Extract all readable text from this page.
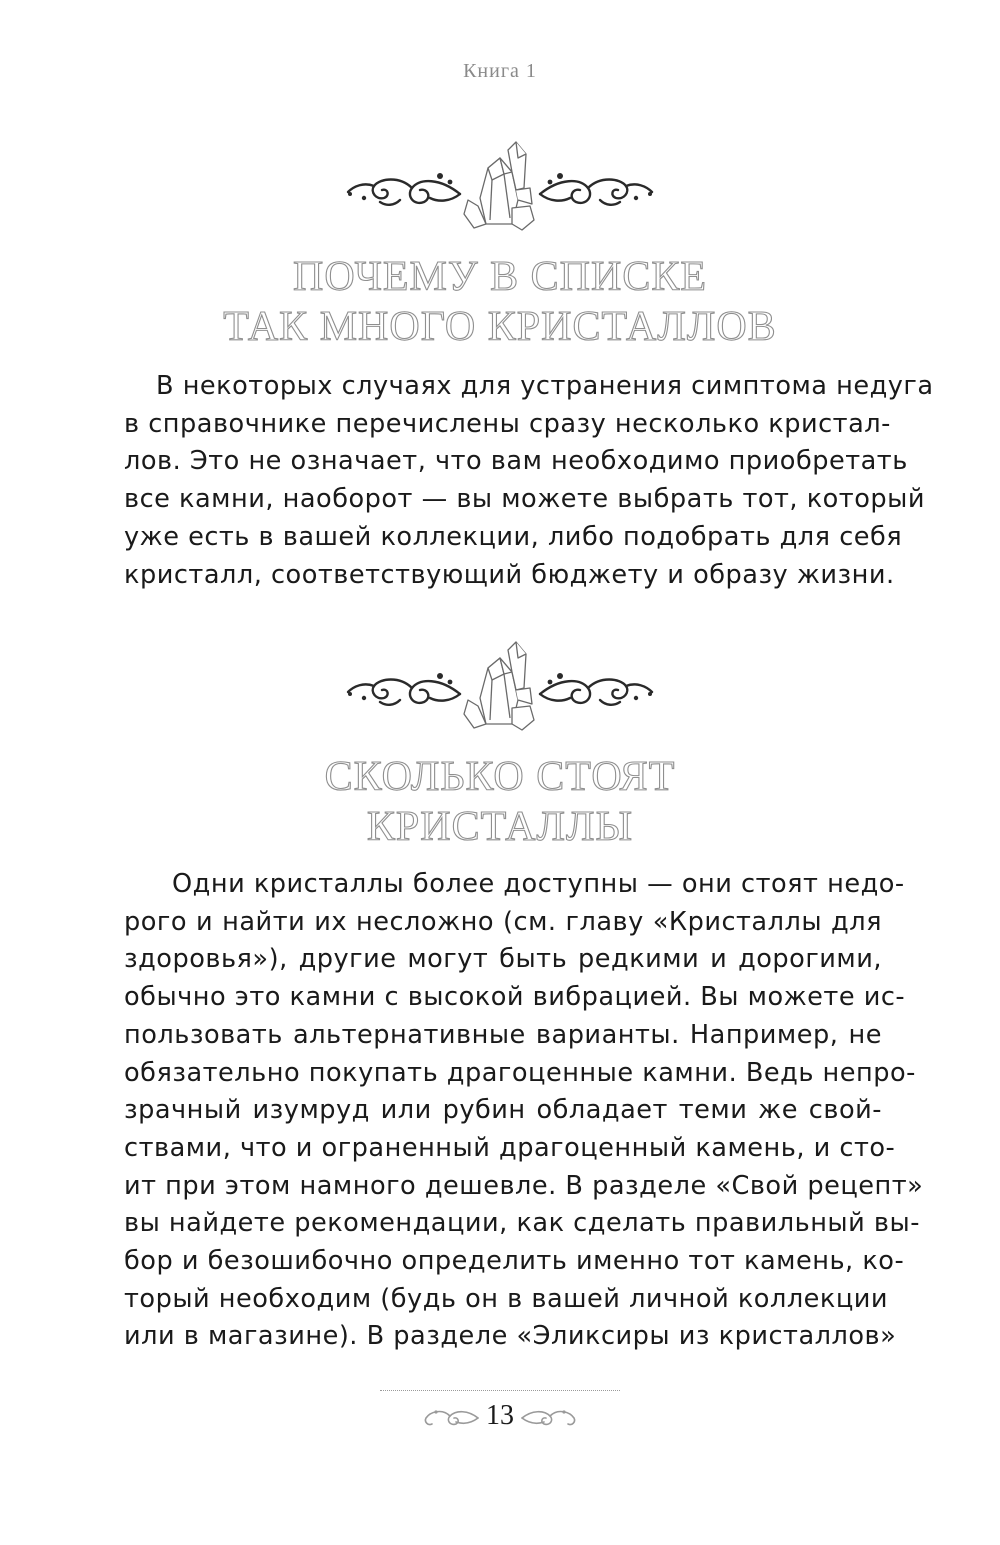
Книга 1
ПОЧЕМУ В СПИСКЕ
ТАК МНОГО КРИСТАЛЛОВ

В некоторых случаях для устранения симптома недуга
в справочнике перечислены сразу несколько кристал-
лов. Это не означает, что вам необходимо приобретать
все камни, наоборот — вы можете выбрать тот, который
уже есть в вашей коллекции, либо подобрать для себя
кристалл, соответствующий бюджету и образу жизни.

СКОЛЬКО СТОЯТ
КРИСТАЛЛЫ

Одни кристаллы более доступны — они стоят недо-
рого и найти их несложно (см. главу «Кристаллы для
здоровья»), другие могут быть редкими и дорогими,
обычно это камни с высокой вибрацией. Вы можете ис-
пользовать альтернативные варианты. Например, не
обязательно покупать драгоценные камни. Ведь непро-
зрачный изумруд или рубин обладает теми же свой-
ствами, что и ограненный драгоценный камень, и сто-
ит при этом намного дешевле. В разделе «Свой рецепт»
вы найдете рекомендации, как сделать правильный вы-
бор и безошибочно определить именно тот камень, ко-
торый необходим (будь он в вашей личной коллекции
или в магазине). В разделе «Эликсиры из кристаллов»

13
